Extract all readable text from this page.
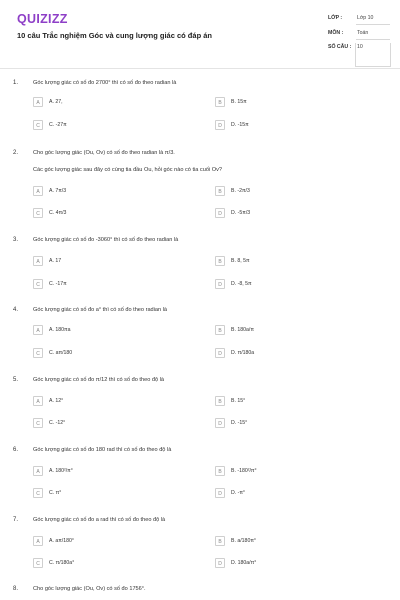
QUIZIZZ
10 câu Trắc nghiệm Góc và cung lượng giác có đáp án
LỚP :	Lớp 10
MÔN :	Toán
SỐ CÂU : 10
1.	Góc lượng giác có số đo 2700° thì có số đo theo radian là
A	A. 27,	B	B. 15π
C	C. -27π	D	D. -15π
2.	Cho góc lượng giác (Ou, Ov) có số đo theo radian là π/3.
Các góc lượng giác sau đây có cùng tia đầu Ou, hỏi góc nào có tia cuối Ov?
A	A. 7π/3	B	B. -2π/3
C	C. 4π/3	D	D. -5π/3
3.	Góc lượng giác có số đo -3060° thì có số đo theo radian là
A	A. 17	B	B. 8, 5π
C	C. -17π	D	D. -8, 5π
4.	Góc lượng giác có số đo a° thì có số đo theo radian là
A	A. 180πa	B	B. 180a/π
C	C. aπ/180	D	D. π/180a
5.	Góc lượng giác có số đo π/12 thì có số đo theo độ là
A	A. 12°	B	B. 15°
C	C. -12°	D	D. -15°
6.	Góc lượng giác có số đo 180 rad thì có số đo theo độ là
A	A. 180²/π°	B	B. -180²/π°
C	C. π°	D	D. -π°
7.	Góc lượng giác có số đo a rad thì có số đo theo độ là
A	A. aπ/180°	B	B. a/180π°
C	C. π/180a°	D	D. 180a/π°
8.	Cho góc lượng giác (Ou, Ov) có số đo 1756°.
